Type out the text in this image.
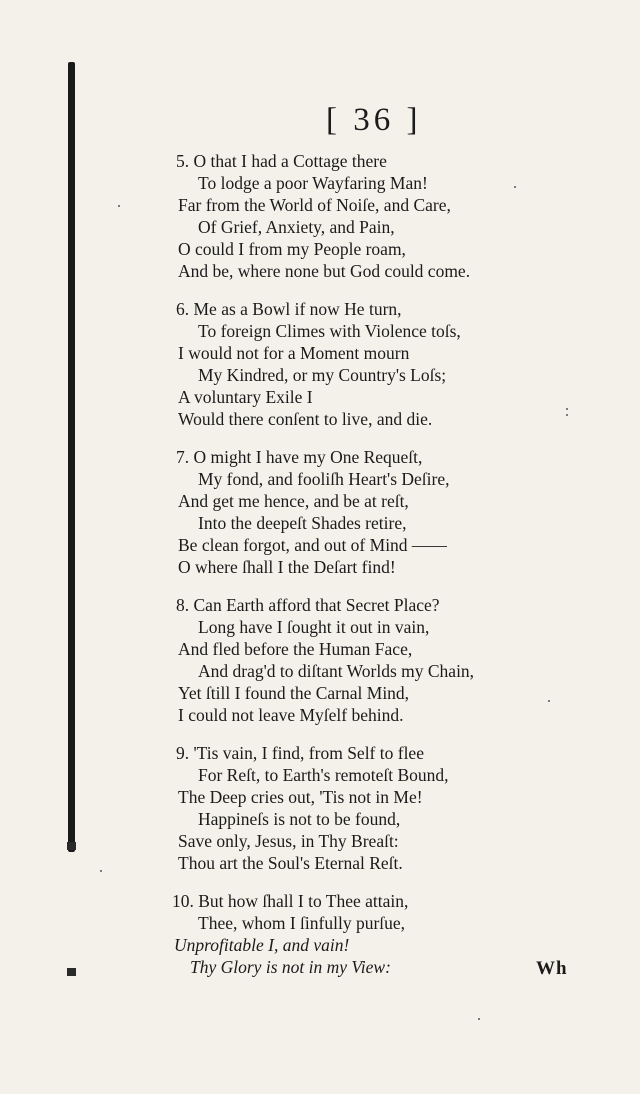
[ 36 ]
5. O that I had a Cottage there
To lodge a poor Wayfaring Man!
Far from the World of Noiſe, and Care,
Of Grief, Anxiety, and Pain,
O could I from my People roam,
And be, where none but God could come.
6. Me as a Bowl if now He turn,
To foreign Climes with Violence toſs,
I would not for a Moment mourn
My Kindred, or my Country's Loſs;
A voluntary Exile I
Would there conſent to live, and die.
7. O might I have my One Requeſt,
My fond, and fooliſh Heart's Deſire,
And get me hence, and be at reſt,
Into the deepeſt Shades retire,
Be clean forgot, and out of Mind ——
O where ſhall I the Deſart find!
8. Can Earth afford that Secret Place?
Long have I ſought it out in vain,
And fled before the Human Face,
And drag'd to diſtant Worlds my Chain,
Yet ſtill I found the Carnal Mind,
I could not leave Myſelf behind.
9. 'Tis vain, I find, from Self to flee
For Reſt, to Earth's remoteſt Bound,
The Deep cries out, 'Tis not in Me!
Happineſs is not to be found,
Save only, Jesus, in Thy Breaſt:
Thou art the Soul's Eternal Reſt.
10. But how ſhall I to Thee attain,
Thee, whom I ſinfully purſue,
Unprofitable I, and vain!
Thy Glory is not in my View:	Wh
